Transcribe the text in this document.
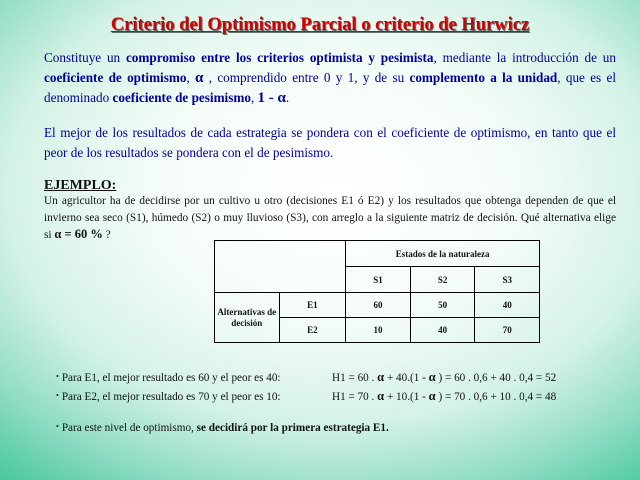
Criterio del Optimismo Parcial o criterio de Hurwicz

Constituye un compromiso entre los criterios optimista y pesimista, mediante la introducción de un coeficiente de optimismo, α , comprendido entre 0 y 1, y de su complemento a la unidad, que es el denominado coeficiente de pesimismo, 1 - α.

El mejor de los resultados de cada estrategia se pondera con el coeficiente de optimismo, en tanto que el peor de los resultados se pondera con el de pesimismo.

EJEMPLO:

Un agricultor ha de decidirse por un cultivo u otro (decisiones E1 ó E2) y los resultados que obtenga dependen de que el invierno sea seco (S1), húmedo (S2) o muy lluvioso (S3), con arreglo a la siguiente matriz de decisión. Qué alternativa elige si α = 60 % ?

		Estados de la naturaleza		
		S1	S2	S3
Alternativas de decisión	E1	60	50	40
	E2	10	40	70
• Para E1, el mejor resultado es 60 y el peor es 40:	H1 = 60 . α + 40.(1 - α ) = 60 . 0,6 + 40 . 0,4 = 52
• Para E2, el mejor resultado es 70 y el peor es 10:	H1 = 70 . α + 10.(1 - α ) = 70 . 0,6 + 10 . 0,4 = 48
• Para este nivel de optimismo, se decidirá por la primera estrategia E1.
